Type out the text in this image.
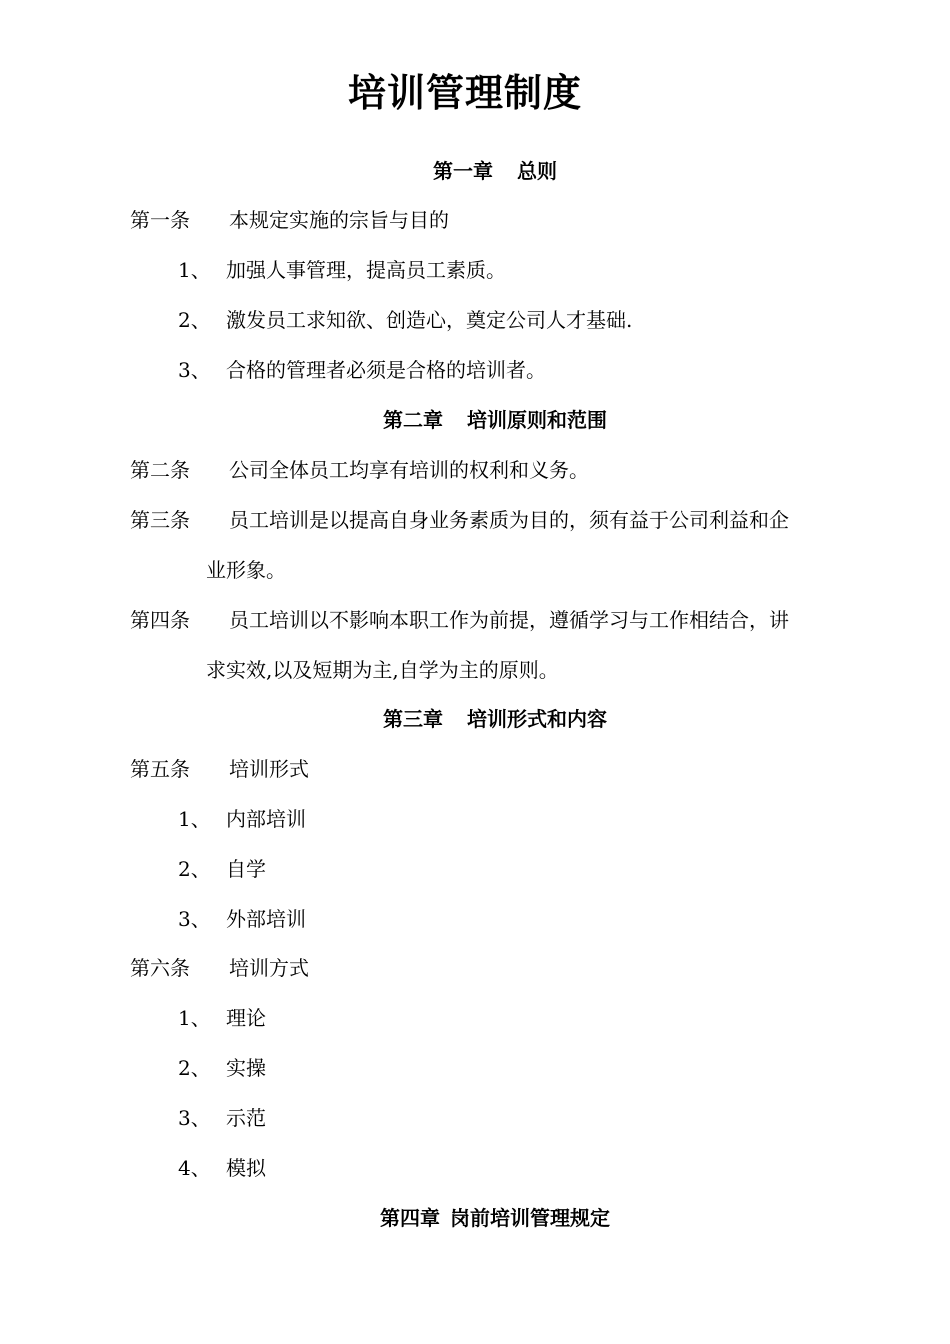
培训管理制度
第一章 总则
第一条 本规定实施的宗旨与目的
1、 加强人事管理，提高员工素质。
2、 激发员工求知欲、创造心，奠定公司人才基础.
3、 合格的管理者必须是合格的培训者。
第二章 培训原则和范围
第二条 公司全体员工均享有培训的权利和义务。
第三条 员工培训是以提高自身业务素质为目的，须有益于公司利益和企
业形象。
第四条 员工培训以不影响本职工作为前提，遵循学习与工作相结合，讲
求实效,以及短期为主,自学为主的原则。
第三章 培训形式和内容
第五条 培训形式
1、 内部培训
2、 自学
3、 外部培训
第六条 培训方式
1、 理论
2、 实操
3、 示范
4、 模拟
第四章 岗前培训管理规定
